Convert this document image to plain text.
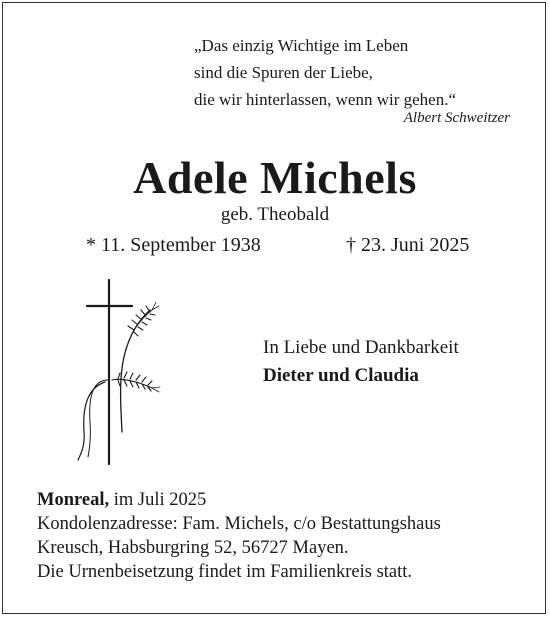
„Das einzig Wichtige im Leben
sind die Spuren der Liebe,
die wir hinterlassen, wenn wir gehen.“
Albert Schweitzer
Adele Michels
geb. Theobald
* 11. September 1938	† 23. Juni 2025
In Liebe und Dankbarkeit
Dieter und Claudia
Monreal, im Juli 2025
Kondolenzadresse: Fam. Michels, c/o Bestattungshaus
Kreusch, Habsburgring 52, 56727 Mayen.
Die Urnenbeisetzung findet im Familienkreis statt.
